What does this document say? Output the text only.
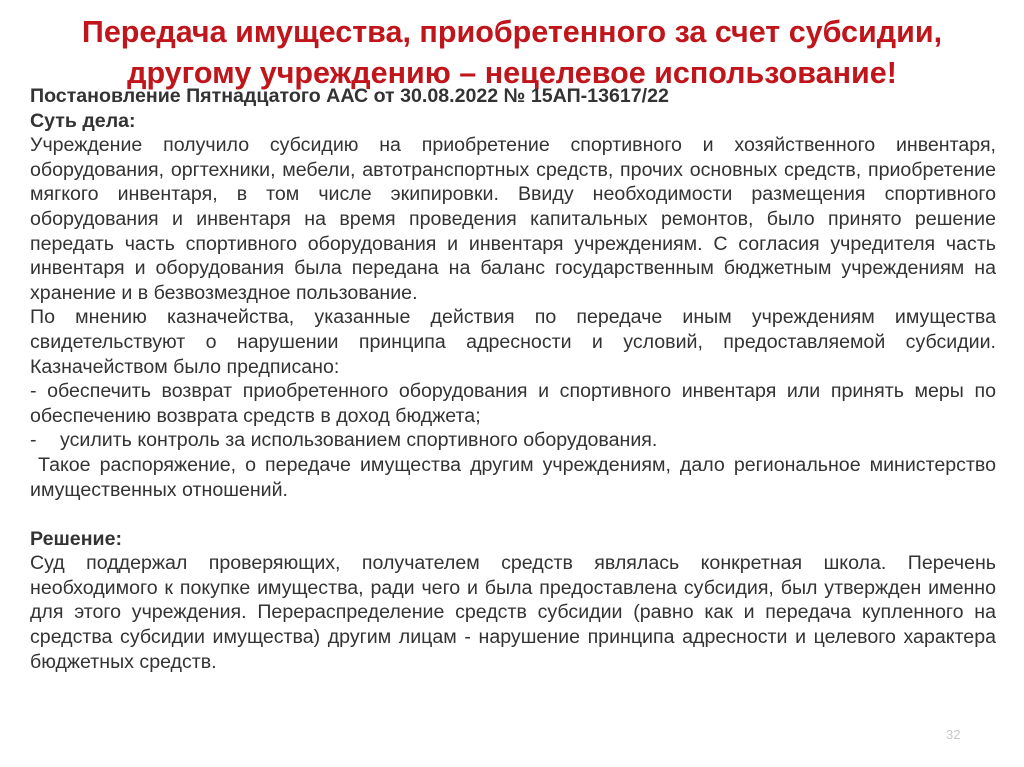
Передача имущества, приобретенного за счет субсидии, другому учреждению – нецелевое использование!

Постановление Пятнадцатого ААС от 30.08.2022 № 15АП-13617/22

Суть дела:

Учреждение получило субсидию на приобретение спортивного и хозяйственного инвентаря, оборудования, оргтехники, мебели, автотранспортных средств, прочих основных средств, приобретение мягкого инвентаря, в том числе экипировки. Ввиду необходимости размещения спортивного оборудования и инвентаря на время проведения капитальных ремонтов, было принято решение передать часть спортивного оборудования и инвентаря учреждениям. С согласия учредителя часть инвентаря и оборудования была передана на баланс государственным бюджетным учреждениям на хранение и в безвозмездное пользование.

По мнению казначейства, указанные действия по передаче иным учреждениям имущества свидетельствуют о нарушении принципа адресности и условий, предоставляемой субсидии. Казначейством было предписано:

- обеспечить возврат приобретенного оборудования и спортивного инвентаря или принять меры по обеспечению возврата средств в доход бюджета;

-	усилить контроль за использованием спортивного оборудования.

Такое распоряжение, о передаче имущества другим учреждениям, дало региональное министерство имущественных отношений.

Решение:

Суд поддержал проверяющих, получателем средств являлась конкретная школа. Перечень необходимого к покупке имущества, ради чего и была предоставлена субсидия, был утвержден именно для этого учреждения. Перераспределение средств субсидии (равно как и передача купленного на средства субсидии имущества) другим лицам - нарушение принципа адресности и целевого характера бюджетных средств.

32
